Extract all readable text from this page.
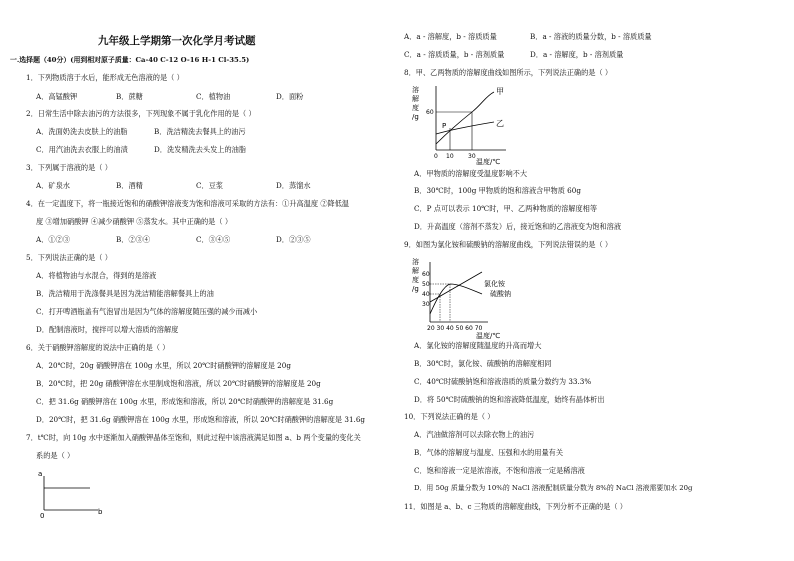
九年级上学期第一次化学月考试题
一.选择题（40分）(用到相对原子质量：Ca-40 C-12 O-16 H-1 Cl-35.5)
1．下列物质溶于水后，能形成无色溶液的是（ ）
A．高锰酸钾	B．蔗糖	C．植物油	D．面粉
2．日常生活中除去油污的方法很多，下列现象不属于乳化作用的是（ ）
A．洗面奶洗去皮肤上的油脂	B．洗洁精洗去餐具上的油污
C．用汽油洗去衣服上的油渍	D．洗发精洗去头发上的油脂
3．下列属于溶液的是（ ）
A．矿泉水	B．酒精	C．豆浆	D．蒸馏水
4．在一定温度下，将一瓶接近饱和的硝酸钾溶液变为饱和溶液可采取的方法有：①升高温度 ②降低温
度 ③增加硝酸钾 ④减少硝酸钾 ⑤蒸发水。其中正确的是（ ）
A．①②③	B．②③④	C．③④⑤	D．②③⑤
5．下列说法正确的是（ ）
A．将植物油与水混合，得到的是溶液
B．洗洁精用于洗涤餐具是因为洗洁精能溶解餐具上的油
C．打开啤酒瓶盖有气泡冒出是因为气体的溶解度随压强的减少而减小
D．配制溶液时，搅拌可以增大溶质的溶解度
6．关于硝酸钾溶解度的说法中正确的是（ ）
A．20℃时，20g 硝酸钾溶在 100g 水里，所以 20℃时硝酸钾的溶解度是 20g
B．20℃时，把 20g 硝酸钾溶在水里制成饱和溶液，所以 20℃时硝酸钾的溶解度是 20g
C．把 31.6g 硝酸钾溶在 100g 水里，形成饱和溶液，所以 20℃时硝酸钾的溶解度是 31.6g
D．20℃时，把 31.6g 硝酸钾溶在 100g 水里，形成饱和溶液，所以 20℃时硝酸钾的溶解度是 31.6g
7．t℃时，向 10g 水中逐渐加入硝酸钾晶体至饱和，则此过程中该溶液满足如图 a、b 两个变量的变化关
系的是（ ）
a
b
0
A．a - 溶解度，b - 溶质质量	B．a - 溶液的质量分数，b - 溶质质量
C．a - 溶质质量，b - 溶剂质量	D．a - 溶解度，b - 溶剂质量
8．甲、乙两物质的溶解度曲线如图所示，下列说法正确的是（ ）
溶
解
度
/g
60
甲
乙
P
0 10 30
温度/℃
A．甲物质的溶解度受温度影响不大
B．30℃时，100g 甲物质的饱和溶液含甲物质 60g
C．P 点可以表示 10℃时，甲、乙两种物质的溶解度相等
D．升高温度（溶剂不蒸发）后，接近饱和的乙溶液变为饱和溶液
9．如图为氯化铵和硫酸钠的溶解度曲线，下列说法错误的是（ ）
溶
解
度
/g
60
50
40
30
氯化铵
硫酸钠
20 30 40 50 60 70
温度/℃
A．氯化铵的溶解度随温度的升高而增大
B．30℃时，氯化铵、硫酸钠的溶解度相同
C．40℃时硫酸钠饱和溶液溶质的质量分数约为 33.3%
D．将 50℃时硫酸钠的饱和溶液降低温度，始终有晶体析出
10．下列说法正确的是（ ）
A．汽油做溶剂可以去除衣物上的油污
B．气体的溶解度与温度、压强和水的用量有关
C．饱和溶液一定是浓溶液，不饱和溶液一定是稀溶液
D．用 50g 质量分数为 10%的 NaCl 溶液配制质量分数为 8%的 NaCl 溶液需要加水 20g
11．如图是 a、b、c 三物质的溶解度曲线，下列分析不正确的是（ ）
